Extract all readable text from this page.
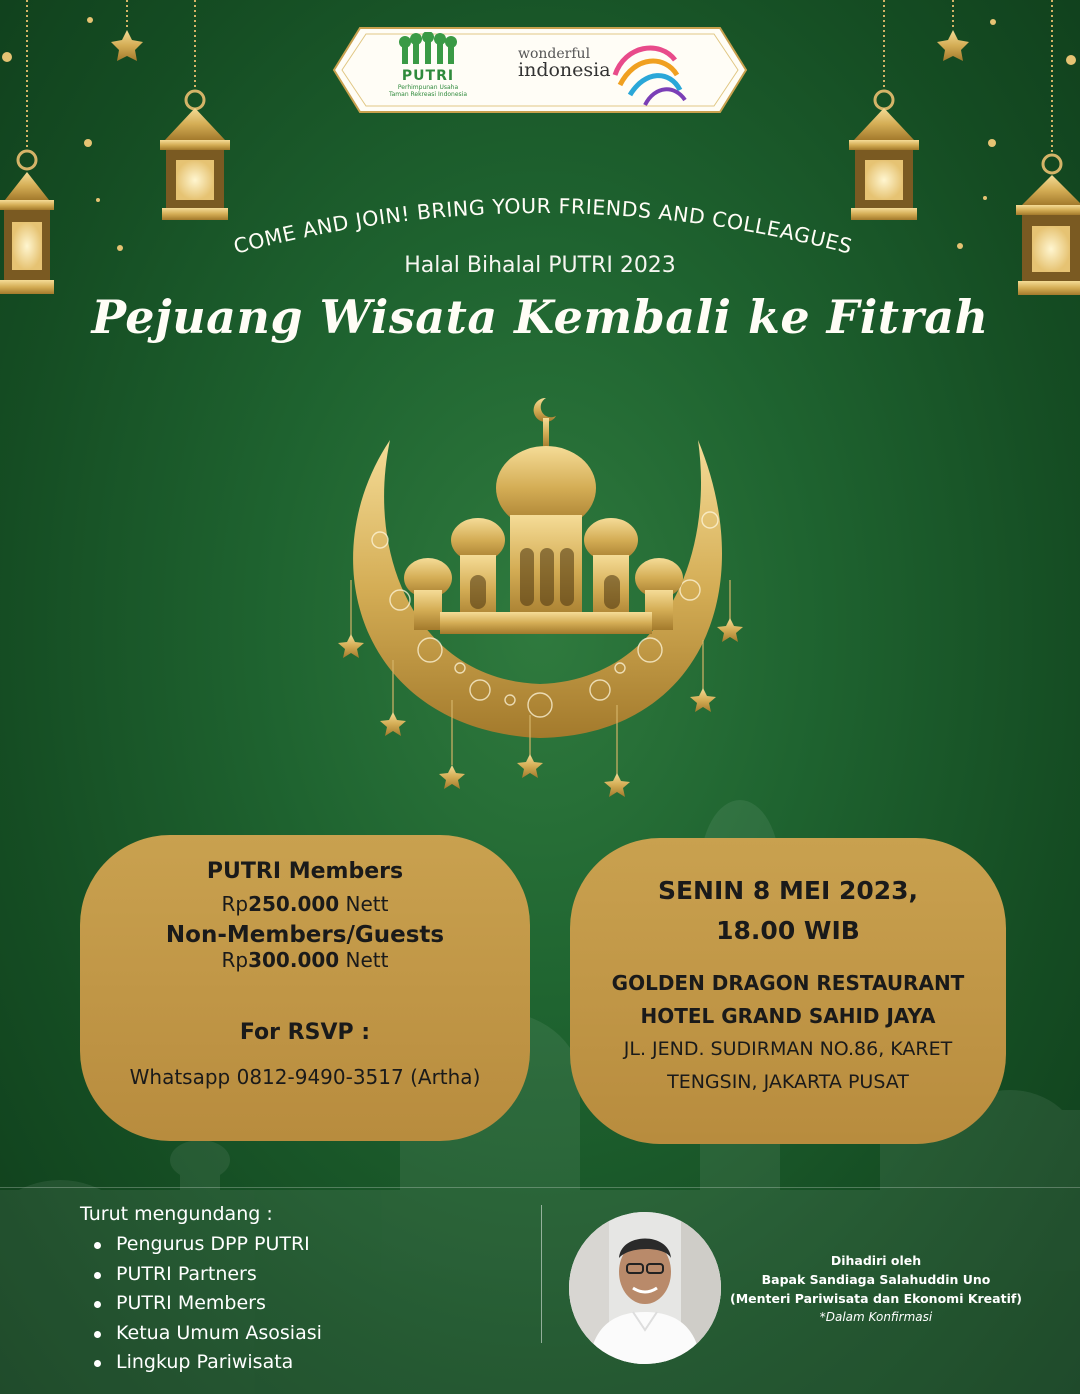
PUTRI
Perhimpunan Usaha
Taman Rekreasi Indonesia
wonderful
indonesia
COME AND JOIN! BRING YOUR FRIENDS AND COLLEAGUES
Halal Bihalal PUTRI 2023
Pejuang Wisata Kembali ke Fitrah
PUTRI Members
Rp250.000 Nett
Non-Members/Guests
Rp300.000 Nett
For RSVP :
Whatsapp 0812-9490-3517 (Artha)
SENIN 8 MEI 2023,
18.00 WIB
GOLDEN DRAGON RESTAURANT
HOTEL GRAND SAHID JAYA
JL. JEND. SUDIRMAN NO.86, KARET
TENGSIN, JAKARTA PUSAT
Turut mengundang :
Pengurus DPP PUTRI
PUTRI Partners
PUTRI Members
Ketua Umum Asosiasi
Lingkup Pariwisata
Dihadiri oleh
Bapak Sandiaga Salahuddin Uno
(Menteri Pariwisata dan Ekonomi Kreatif)
*Dalam Konfirmasi
